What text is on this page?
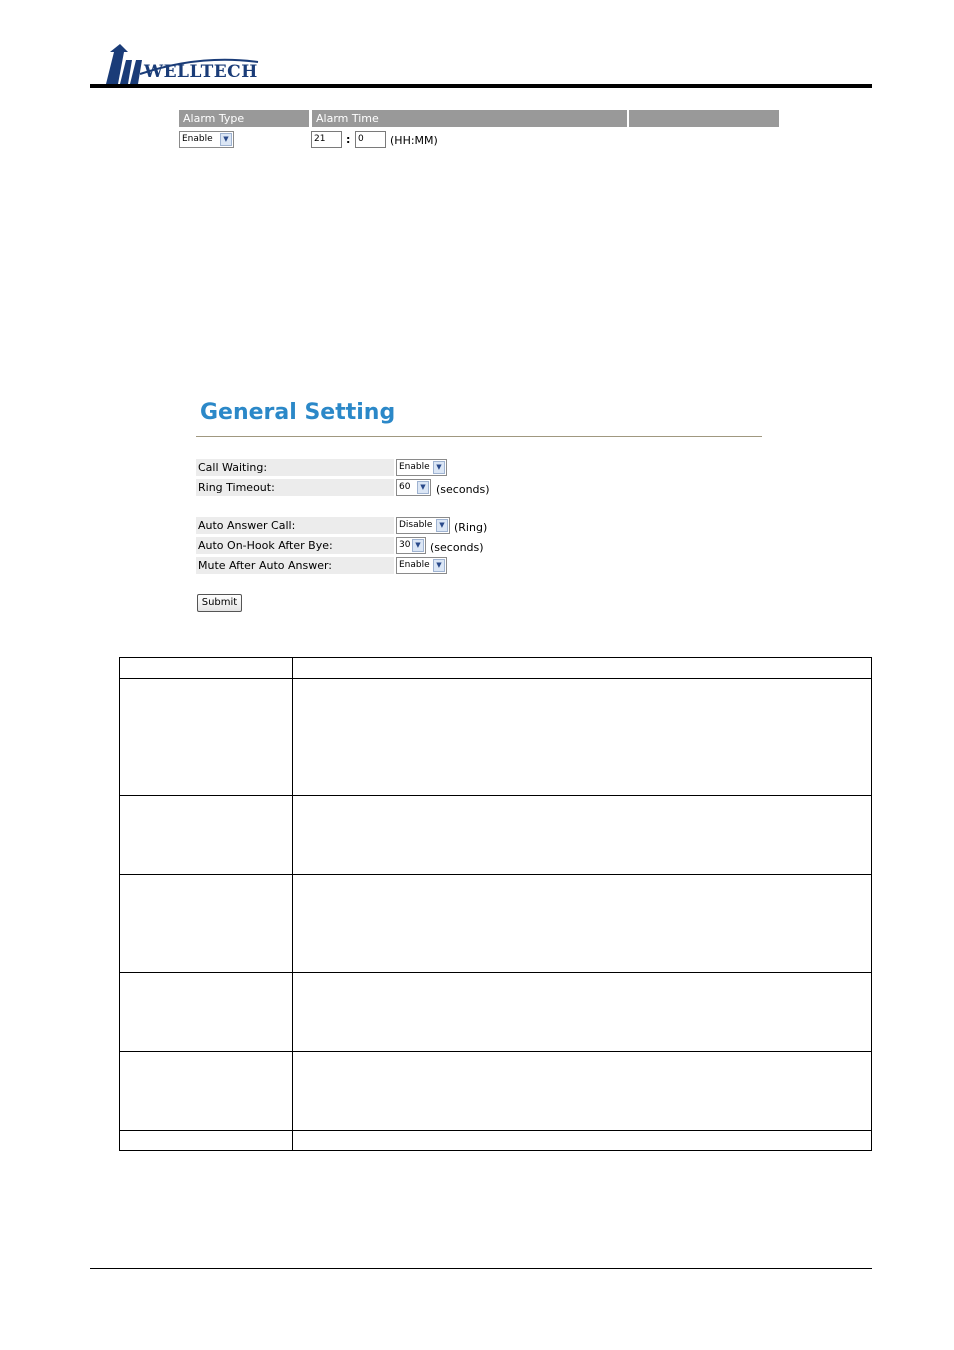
WELLTECH
Alarm Type	Alarm Time
Enable	▼	21	: 0	(HH:MM)
General Setting
Call Waiting:	Enable ▼
Ring Timeout:	60	▼ (seconds)
Auto Answer Call:	Disable ▼ (Ring)
Auto On-Hook After Bye:	30 ▼ (seconds)
Mute After Auto Answer:	Enable ▼
Submit
